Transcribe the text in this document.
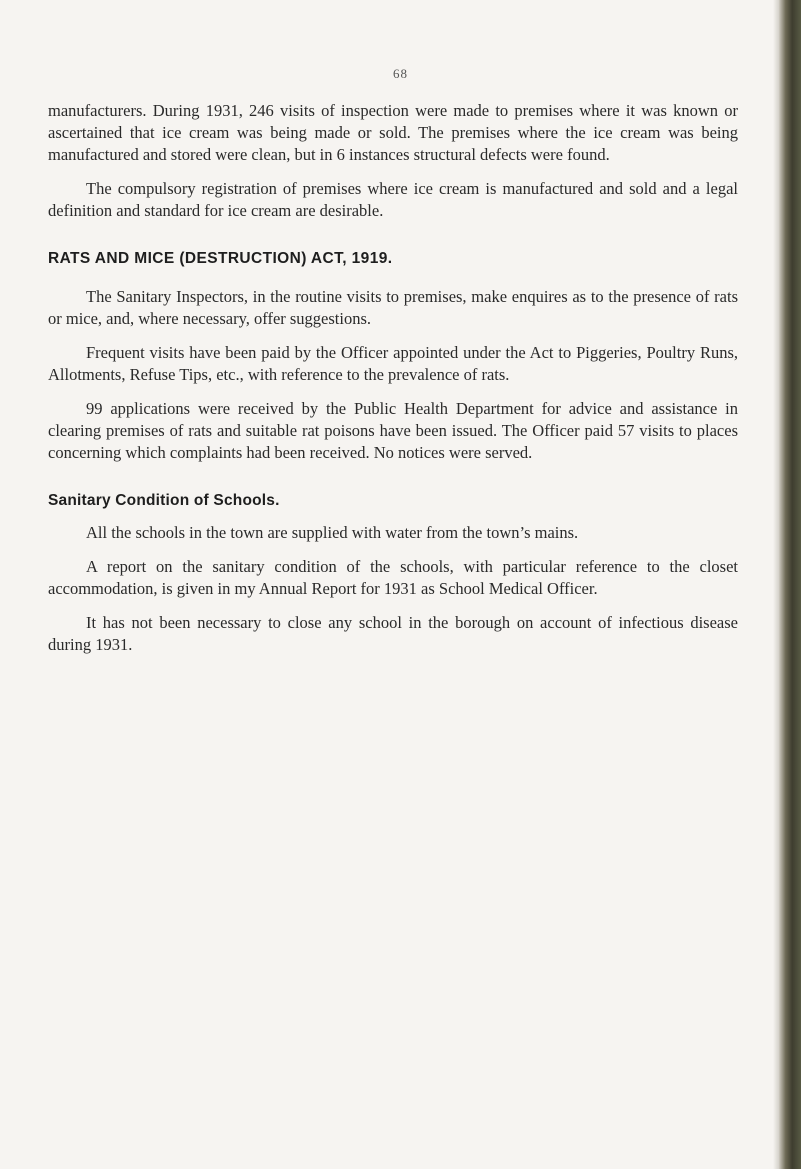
68

manufacturers. During 1931, 246 visits of inspection were made to premises where it was known or ascertained that ice cream was being made or sold. The premises where the ice cream was being manufactured and stored were clean, but in 6 instances structural defects were found.

The compulsory registration of premises where ice cream is manufactured and sold and a legal definition and standard for ice cream are desirable.

RATS AND MICE (DESTRUCTION) ACT, 1919.

The Sanitary Inspectors, in the routine visits to premises, make enquires as to the presence of rats or mice, and, where necessary, offer suggestions.

Frequent visits have been paid by the Officer appointed under the Act to Piggeries, Poultry Runs, Allotments, Refuse Tips, etc., with reference to the prevalence of rats.

99 applications were received by the Public Health Department for advice and assistance in clearing premises of rats and suitable rat poisons have been issued. The Officer paid 57 visits to places concerning which complaints had been received. No notices were served.

Sanitary Condition of Schools.

All the schools in the town are supplied with water from the town’s mains.

A report on the sanitary condition of the schools, with particular reference to the closet accommodation, is given in my Annual Report for 1931 as School Medical Officer.

It has not been necessary to close any school in the borough on account of infectious disease during 1931.
